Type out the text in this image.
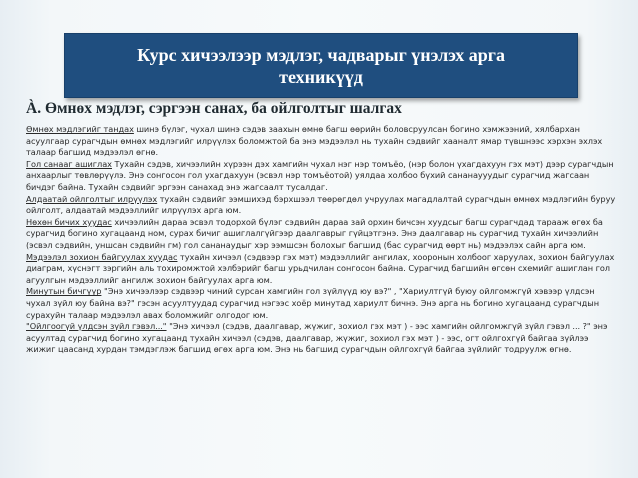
Курс хичээлээр мэдлэг, чадварыг үнэлэх арга
техникүүд
À. Өмнөх мэдлэг, сэргээн санах, ба ойлголтыг шалгах

Өмнөх мэдлэгийг тандах шинэ бүлэг, чухал шинэ сэдэв заахын өмнө багш өөрийн боловсруулсан богино хэмжээний, хялбархан асуулгаар сурагчдын өмнөх мэдлэгийг илрүүлэх боломжтой ба энэ мэдээлэл нь тухайн сэдвийг хааналт ямар түвшнээс хэрхэн эхлэх талаар багшид мэдээлэл өгнө.

Гол санааг ашиглах Тухайн сэдэв, хичээлийн хүрээн дэх хамгийн чухал нэг нэр томъёо, (нэр болон үхагдахуун гэх мэт) дээр сурагчдын анхаарлыг төвлөрүүлэ. Энэ сонгосон гол ухагдахуун (эсвэл нэр томъёотой) уялдаа холбоо бүхий сананаууудыг сурагчид жагсаан бичдэг байна. Тухайн сэдвийг эргээн санахад энэ жагсаалт тусалдаг.

Алдаатай ойлголтыг илрүүлэх тухайн сэдвийг ээмшихэд бэрхшээл төөрөгдөл учруулах магадлалтай сурагчдын өмнөх мэдлэгийн буруу ойлголт, алдаатай мэдээллийг илрүүлэх арга юм.

Нөхөн бичих хуудас хичээлийн дараа эсвэл тодорхой бүлэг сэдвийн дараа зай орхин бичсэн хуудсыг багш сурагчдад тарааж өгөх ба сурагчид богино хугацаанд ном, сурах бичиг ашиглалгүйгээр даалгаврыг гүйцэтгэнэ. Энэ даалгавар нь сурагчид тухайн хичээлийн (эсвэл сэдвийн, уншсан сэдвийн гм) гол сананаудыг хэр ээмшсэн болохыг багшид (бас сурагчид өөрт нь) мэдээлэх сайн арга юм.

Мэдээлэл зохион байгуулах хуудас тухайн хичээл (сэдвээр гэх мэт) мэдээллийг ангилах, хооронын холбоог харуулах, зохион байгуулах диаграм, хүснэгт зэргийн аль тохиромжтой хэлбэрийг багш урьдчилан сонгосон байна. Сурагчид багшийн өгсөн схемийг ашиглан гол агуулгын мэдээллийг ангилж зохион байгуулах арга юм.

Минутын бичгүүр "Энэ хичээлээр сэдвээр чиний сурсан хамгийн гол зүйлүүд юу вэ?" , "Хариултгүй буюу ойлгомжгүй хэвээр үлдсэн чухал зүйл юу байна вэ?" гэсэн асуултуудад сурагчид нэгээс хоёр минутад хариулт бичнэ. Энэ арга нь богино хугацаанд сурагчдын сурахуйн талаар мэдээлэл авах боломжийг олгодог юм.

"Ойлгоогүй үлдсэн зүйл гэвэл..." "Энэ хичээл (сэдэв, даалгавар, жүжиг, зохиол гэх мэт ) - ээс хамгийн ойлгомжгүй зүйл гэвэл ... ?" энэ асуултад сурагчид богино хугацаанд тухайн хичээл (сэдэв, даалгавар, жүжиг, зохиол гэх мэт ) - ээс, огт ойлгохгүй байгаа зүйлээ жижиг цаасанд хурдан тэмдэглэж багшид өгөх арга юм. Энэ нь багшид сурагчдын ойлгохгүй байгаа зүйлийг тодруулж өгнө.
